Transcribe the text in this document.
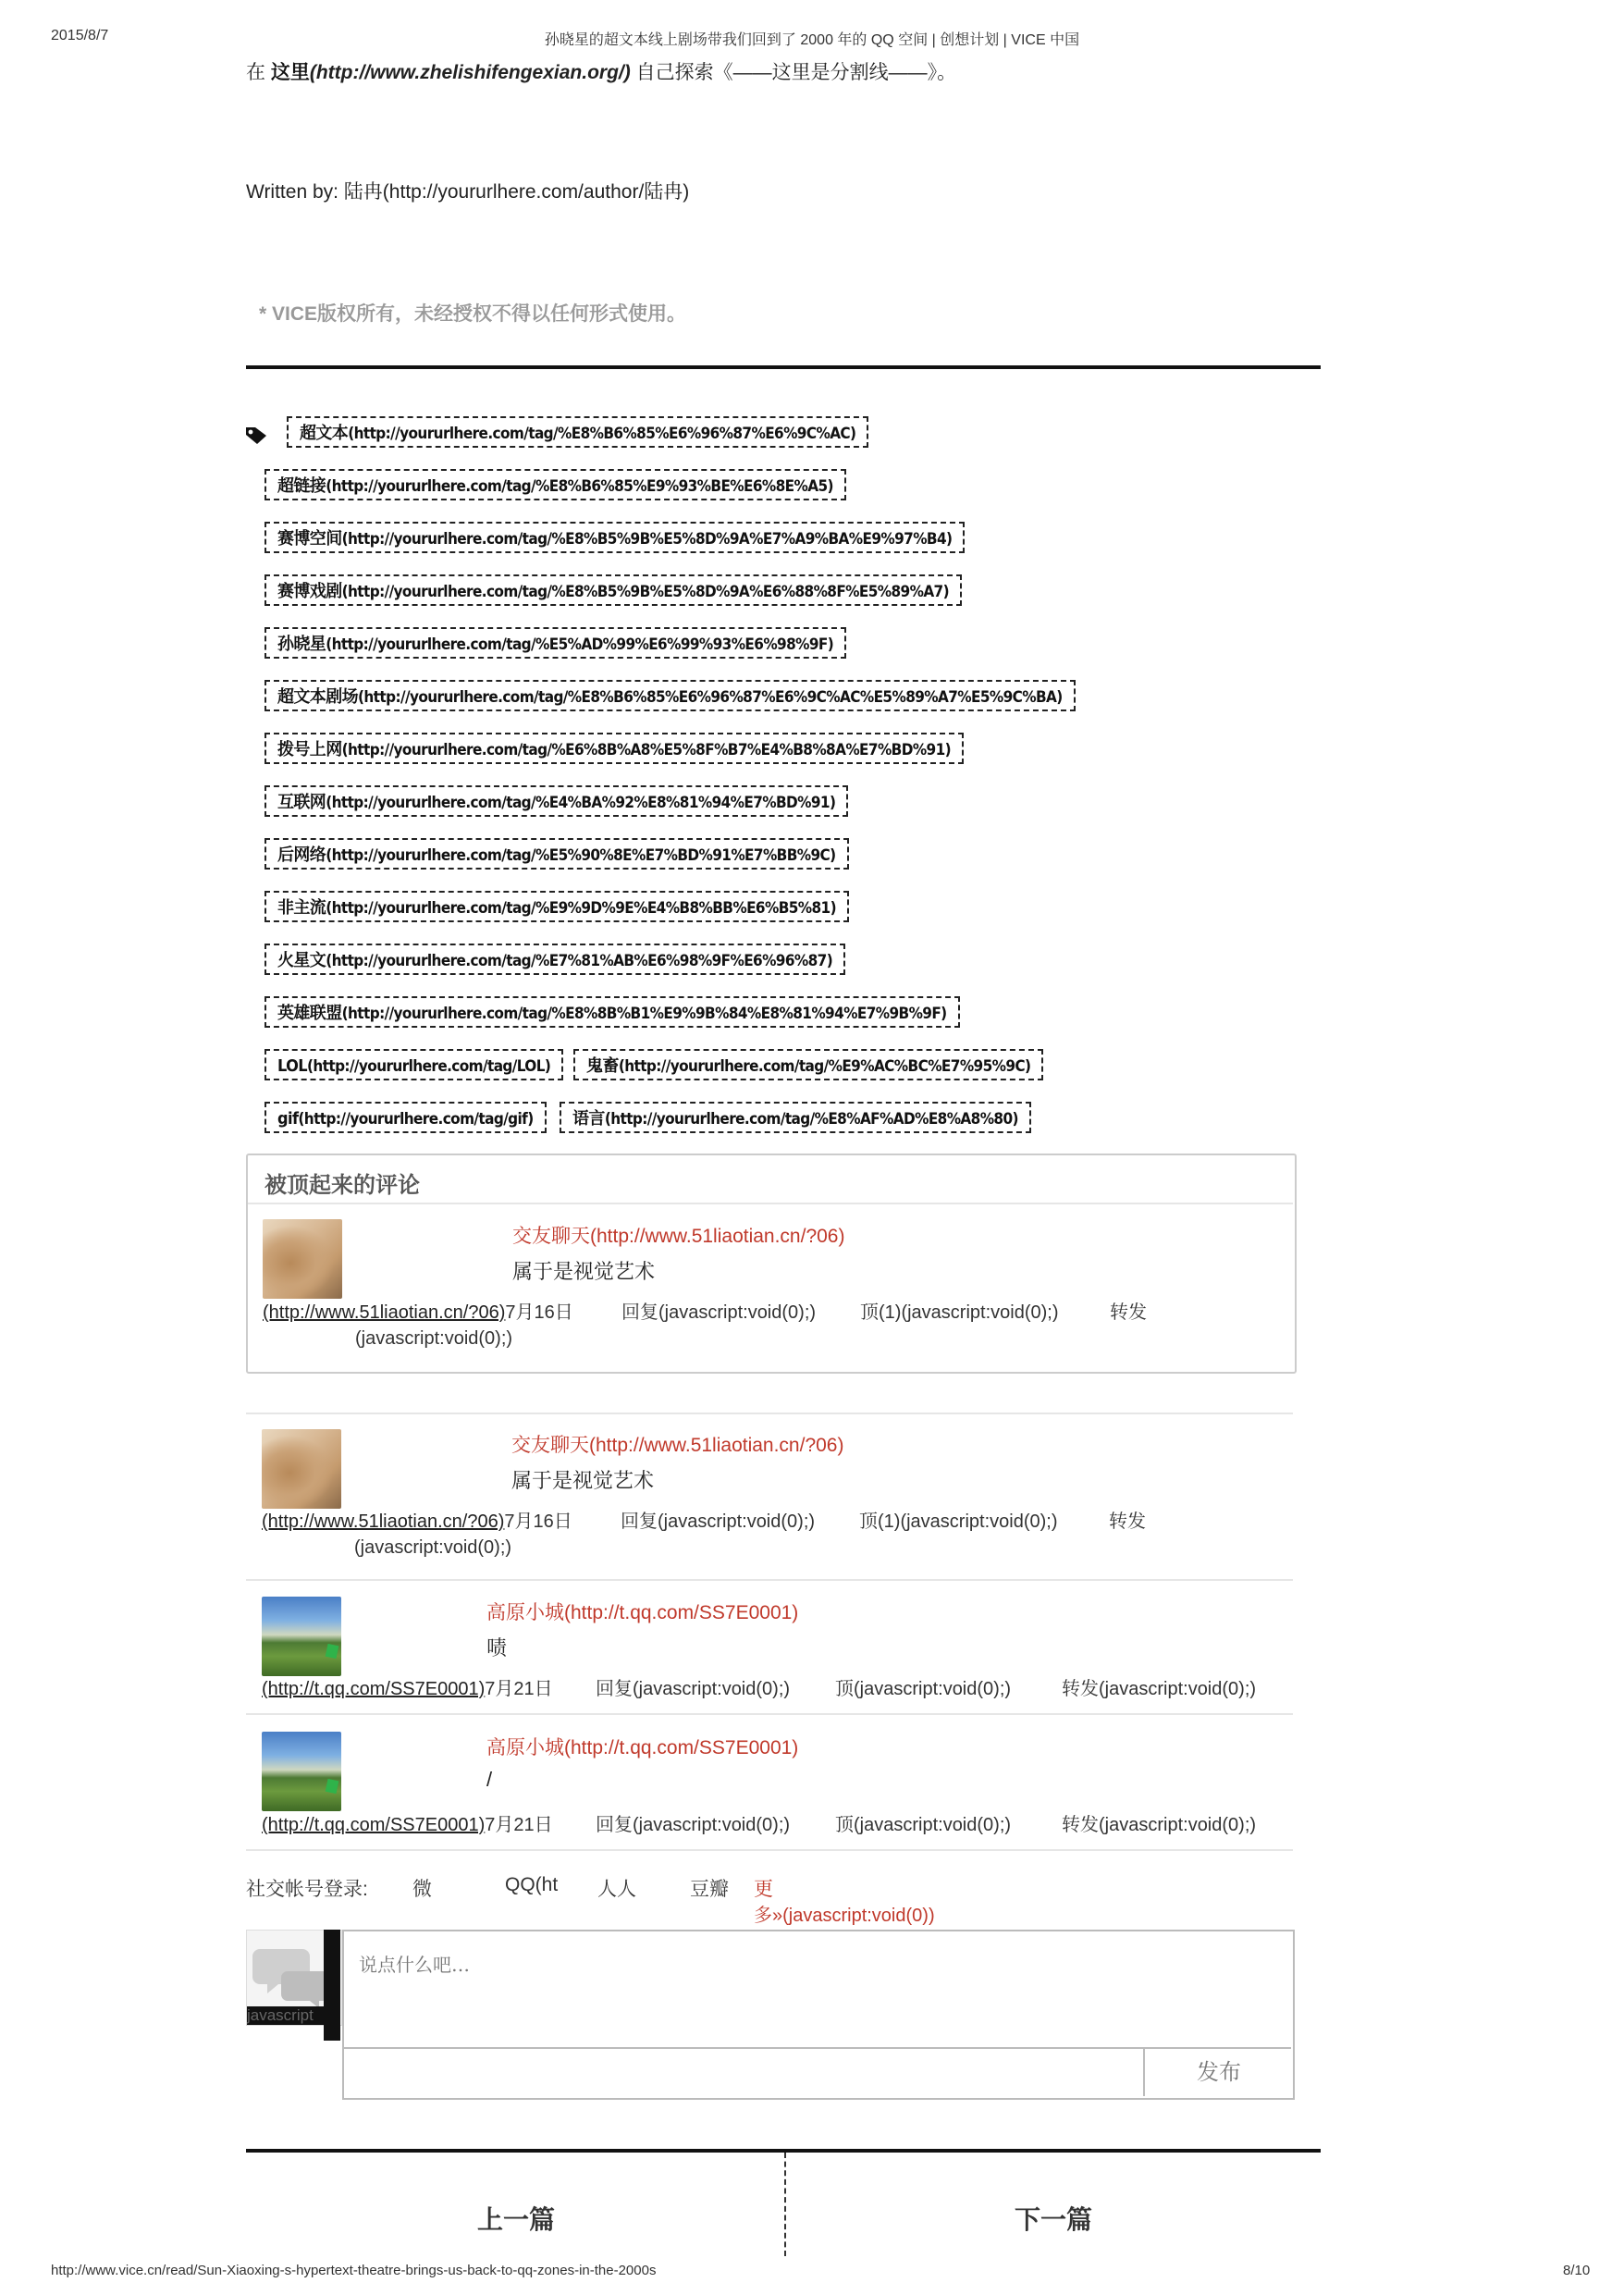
2015/8/7	孙晓星的超文本线上剧场带我们回到了 2000 年的 QQ 空间 | 创想计划 | VICE 中国
在 这里(http://www.zhelishifengexian.org/) 自己探索《——这里是分割线——》。
Written by: 陆冉(http://yoururlhere.com/author/陆冉)
* VICE版权所有，未经授权不得以任何形式使用。
超文本(http://yoururlhere.com/tag/%E8%B6%85%E6%96%87%E6%9C%AC)
超链接(http://yoururlhere.com/tag/%E8%B6%85%E9%93%BE%E6%8E%A5)
赛博空间(http://yoururlhere.com/tag/%E8%B5%9B%E5%8D%9A%E7%A9%BA%E9%97%B4)
赛博戏剧(http://yoururlhere.com/tag/%E8%B5%9B%E5%8D%9A%E6%88%8F%E5%89%A7)
孙晓星(http://yoururlhere.com/tag/%E5%AD%99%E6%99%93%E6%98%9F)
超文本剧场(http://yoururlhere.com/tag/%E8%B6%85%E6%96%87%E6%9C%AC%E5%89%A7%E5%9C%BA)
拨号上网(http://yoururlhere.com/tag/%E6%8B%A8%E5%8F%B7%E4%B8%8A%E7%BD%91)
互联网(http://yoururlhere.com/tag/%E4%BA%92%E8%81%94%E7%BD%91)
后网络(http://yoururlhere.com/tag/%E5%90%8E%E7%BD%91%E7%BB%9C)
非主流(http://yoururlhere.com/tag/%E9%9D%9E%E4%B8%BB%E6%B5%81)
火星文(http://yoururlhere.com/tag/%E7%81%AB%E6%98%9F%E6%96%87)
英雄联盟(http://yoururlhere.com/tag/%E8%8B%B1%E9%9B%84%E8%81%94%E7%9B%9F)
LOL(http://yoururlhere.com/tag/LOL)	鬼畜(http://yoururlhere.com/tag/%E9%AC%BC%E7%95%9C)
gif(http://yoururlhere.com/tag/gif)	语言(http://yoururlhere.com/tag/%E8%AF%AD%E8%A8%80)
被顶起来的评论
交友聊天(http://www.51liaotian.cn/?06)
属于是视觉艺术
(http://www.51liaotian.cn/?06)7月16日	回复(javascript:void(0);) 顶(1)(javascript:void(0);)	转发
(javascript:void(0);)
交友聊天(http://www.51liaotian.cn/?06)
属于是视觉艺术
(http://www.51liaotian.cn/?06)7月16日	回复(javascript:void(0);) 顶(1)(javascript:void(0);)	转发
(javascript:void(0);)
高原小城(http://t.qq.com/SS7E0001)
啧
(http://t.qq.com/SS7E0001)7月21日 回复(javascript:void(0);) 顶(javascript:void(0);)	转发(javascript:void(0);)
高原小城(http://t.qq.com/SS7E0001)
/
(http://t.qq.com/SS7E0001)7月21日 回复(javascript:void(0);) 顶(javascript:void(0);)	转发(javascript:void(0);)
社交帐号登录: 微	QQ(ht 人人	豆瓣 更
多»(javascript:void(0))
javascript
说点什么吧…
发布
上一篇	下一篇
http://www.vice.cn/read/Sun-Xiaoxing-s-hypertext-theatre-brings-us-back-to-qq-zones-in-the-2000s	8/10
